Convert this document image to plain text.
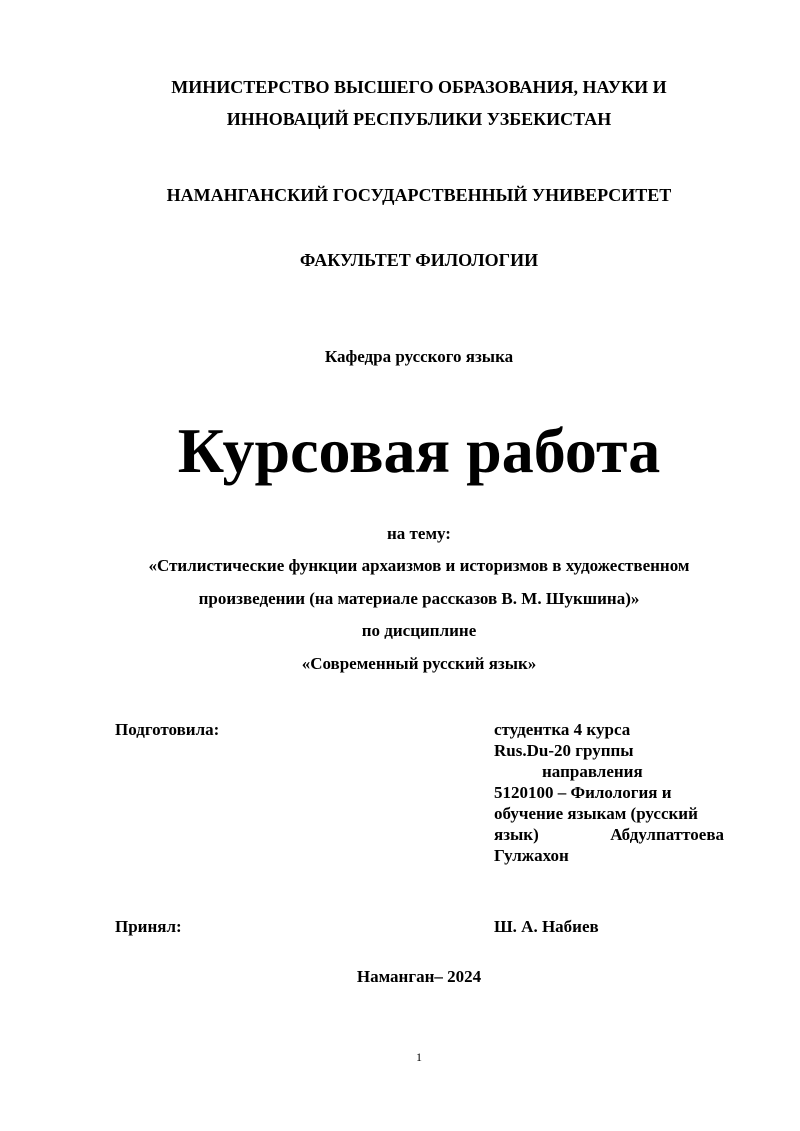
МИНИСТЕРСТВО ВЫСШЕГО ОБРАЗОВАНИЯ, НАУКИ И
ИННОВАЦИЙ РЕСПУБЛИКИ УЗБЕКИСТАН
НАМАНГАНСКИЙ ГОСУДАРСТВЕННЫЙ УНИВЕРСИТЕТ
ФАКУЛЬТЕТ ФИЛОЛОГИИ
Кафедра русского языка
Курсовая работа
на тему:
«Стилистические функции архаизмов и историзмов в художественном
произведении (на материале рассказов В. М. Шукшина)»
по дисциплине
«Современный русский язык»
Подготовила:	студентка 4 курса
Rus.Du-20 группы
направления
5120100 – Филология и
обучение языкам (русский
язык)	Абдулпаттоева
Гулжахон
Принял:	Ш. А. Набиев
Наманган– 2024
1
